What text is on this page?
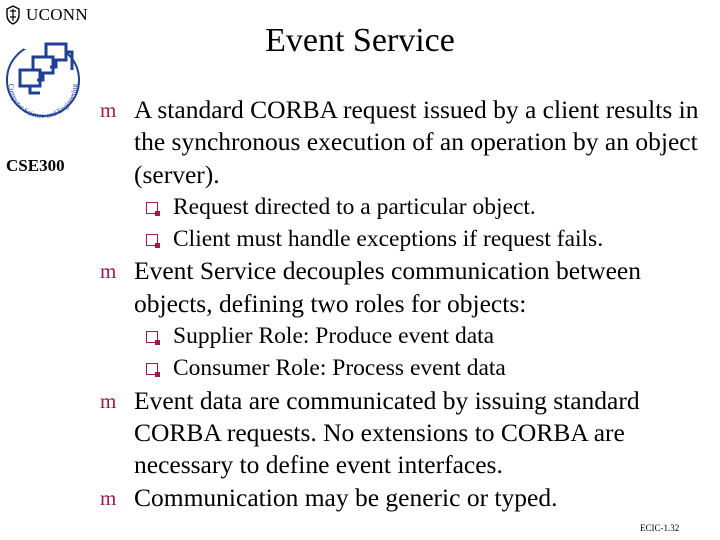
UCONN
Event Service
Computer Science and Engineering
CSE300
m A standard CORBA request issued by a client results in the synchronous execution of an operation by an object (server).
Request directed to a particular object.
Client must handle exceptions if request fails.
m Event Service decouples communication between objects, defining two roles for objects:
Supplier Role: Produce event data
Consumer Role: Process event data
m Event data are communicated by issuing standard CORBA requests. No extensions to CORBA are necessary to define event interfaces.
m Communication may be generic or typed.
ECIC-1.32
